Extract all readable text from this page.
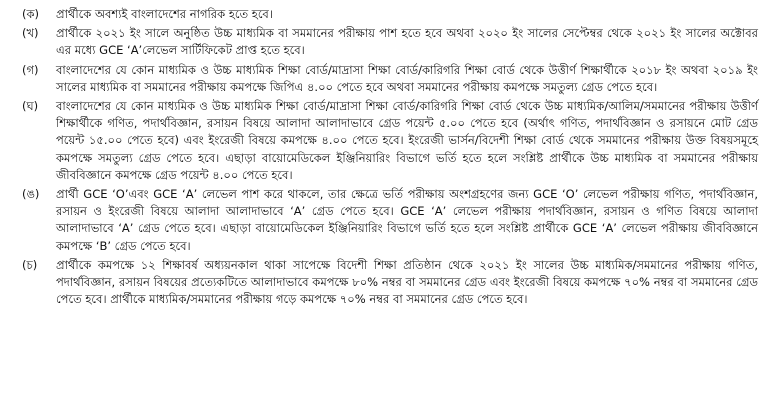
(ক)	প্রার্থীকে অবশ্যই বাংলাদেশের নাগরিক হতে হবে।
(খ)	প্রার্থীকে ২০২১ ইং সালে অনুষ্ঠিত উচ্চ মাধ্যমিক বা সমমানের পরীক্ষায় পাশ হতে হবে অথবা ২০২০ ইং সালের সেপ্টেম্বর থেকে ২০২১ ইং সালের অক্টোবর এর মধ্যে GCE ‘A’লেভেল সার্টিফিকেট প্রাপ্ত হতে হবে।
(গ)	বাংলাদেশের যে কোন মাধ্যমিক ও উচ্চ মাধ্যমিক শিক্ষা বোর্ড/মাদ্রাসা শিক্ষা বোর্ড/কারিগরি শিক্ষা বোর্ড থেকে উত্তীর্ণ শিক্ষার্থীকে ২০১৮ ইং অথবা ২০১৯ ইং সালের মাধ্যমিক বা সমমানের পরীক্ষায় কমপক্ষে জিপিএ ৪.০০ পেতে হবে অথবা সমমানের পরীক্ষায় কমপক্ষে সমতুল্য গ্রেড পেতে হবে।
(ঘ)	বাংলাদেশের যে কোন মাধ্যমিক ও উচ্চ মাধ্যমিক শিক্ষা বোর্ড/মাদ্রাসা শিক্ষা বোর্ড/কারিগরি শিক্ষা বোর্ড থেকে উচ্চ মাধ্যমিক/আলিম/সমমানের পরীক্ষায় উত্তীর্ণ শিক্ষার্থীকে গণিত, পদার্থবিজ্ঞান, রসায়ন বিষয়ে আলাদা আলাদাভাবে গ্রেড পয়েন্ট ৫.০০ পেতে হবে (অর্থাৎ গণিত, পদার্থবিজ্ঞান ও রসায়নে মোট গ্রেড পয়েন্ট ১৫.০০ পেতে হবে) এবং ইংরেজী বিষয়ে কমপক্ষে ৪.০০ পেতে হবে। ইংরেজী ভার্সন/বিদেশী শিক্ষা বোর্ড থেকে সমমানের পরীক্ষায় উক্ত বিষয়সমূহে কমপক্ষে সমতুল্য গ্রেড পেতে হবে। এছাড়া বায়োমেডিকেল ইঞ্জিনিয়ারিং বিভাগে ভর্তি হতে হলে সংশ্লিষ্ট প্রার্থীকে উচ্চ মাধ্যমিক বা সমমানের পরীক্ষায় জীববিজ্ঞানে কমপক্ষে গ্রেড পয়েন্ট ৪.০০ পেতে হবে।
(ঙ)	প্রার্থী GCE ‘O’এবং GCE ‘A’ লেভেল পাশ করে থাকলে, তার ক্ষেত্রে ভর্তি পরীক্ষায় অংশগ্রহণের জন্য GCE ‘O’ লেভেল পরীক্ষায় গণিত, পদার্থবিজ্ঞান, রসায়ন ও ইংরেজী বিষয়ে আলাদা আলাদাভাবে ‘A’ গ্রেড পেতে হবে। GCE ‘A’ লেভেল পরীক্ষায় পদার্থবিজ্ঞান, রসায়ন ও গণিত বিষয়ে আলাদা আলাদাভাবে ‘A’ গ্রেড পেতে হবে। এছাড়া বায়োমেডিকেল ইঞ্জিনিয়ারিং বিভাগে ভর্তি হতে হলে সংশ্লিষ্ট প্রার্থীকে GCE ‘A’ লেভেল পরীক্ষায় জীববিজ্ঞানে কমপক্ষে ‘B’ গ্রেড পেতে হবে।
(চ)	প্রার্থীকে কমপক্ষে ১২ শিক্ষাবর্ষ অধ্যয়নকাল থাকা সাপেক্ষে বিদেশী শিক্ষা প্রতিষ্ঠান থেকে ২০২১ ইং সালের উচ্চ মাধ্যমিক/সমমানের পরীক্ষায় গণিত, পদার্থবিজ্ঞান, রসায়ন বিষয়ের প্রত্যেকটিতে আলাদাভাবে কমপক্ষে ৮০% নম্বর বা সমমানের গ্রেড এবং ইংরেজী বিষয়ে কমপক্ষে ৭০% নম্বর বা সমমানের গ্রেড পেতে হবে। প্রার্থীকে মাধ্যমিক/সমমানের পরীক্ষায় গড়ে কমপক্ষে ৭০% নম্বর বা সমমানের গ্রেড পেতে হবে।
